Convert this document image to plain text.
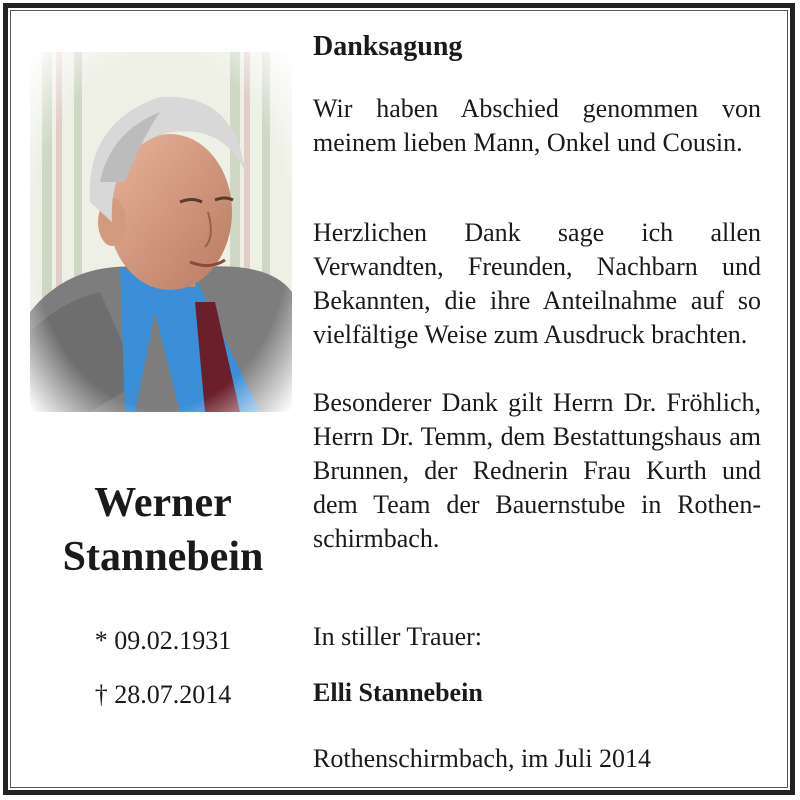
Werner
Stannebein
* 09.02.1931
† 28.07.2014
Danksagung
Wir haben Abschied genommen von meinem lieben Mann, Onkel und Cousin.
Herzlichen Dank sage ich allen Verwandten, Freunden, Nachbarn und Bekannten, die ihre Anteilnahme auf so vielfältige Weise zum Ausdruck brachten.
Besonderer Dank gilt Herrn Dr. Fröhlich, Herrn Dr. Temm, dem Bestattungshaus am Brunnen, der Rednerin Frau Kurth und dem Team der Bauernstube in Rothenschirmbach.
In stiller Trauer:
Elli Stannebein
Rothenschirmbach, im Juli 2014
